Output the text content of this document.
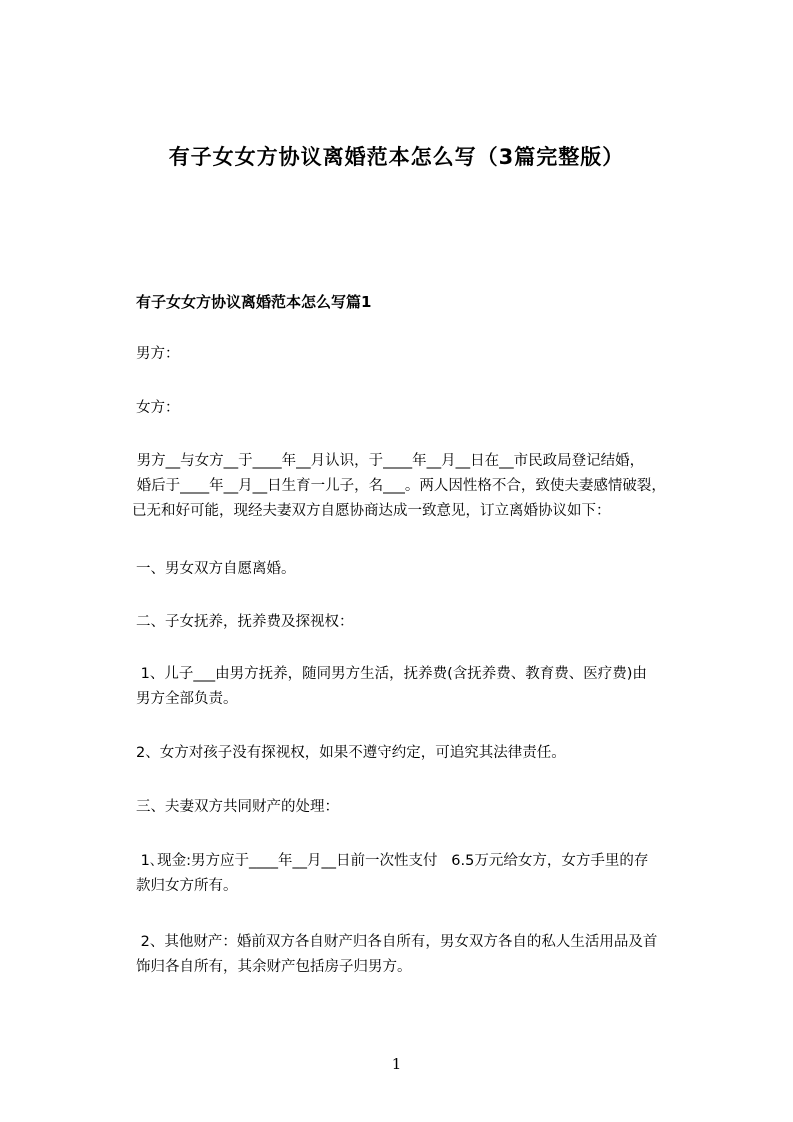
有子女女方协议离婚范本怎么写（3篇完整版）
有子女女方协议离婚范本怎么写篇1
男方：
女方：
男方__与女方__于____年__月认识，于____年__月__日在__市民政局登记结婚，
婚后于____年__月__日生育一儿子，名___。两人因性格不合，致使夫妻感情破裂，
已无和好可能，现经夫妻双方自愿协商达成一致意见，订立离婚协议如下：
一、男女双方自愿离婚。
二、子女抚养，抚养费及探视权：
1、儿子___由男方抚养，随同男方生活，抚养费(含抚养费、教育费、医疗费)由
男方全部负责。
2、女方对孩子没有探视权，如果不遵守约定，可追究其法律责任。
三、夫妻双方共同财产的处理：
1､现金:男方应于____年__月__日前一次性支付   6.5万元给女方，女方手里的存
款归女方所有。
2、其他财产：婚前双方各自财产归各自所有，男女双方各自的私人生活用品及首
饰归各自所有，其余财产包括房子归男方。
1
